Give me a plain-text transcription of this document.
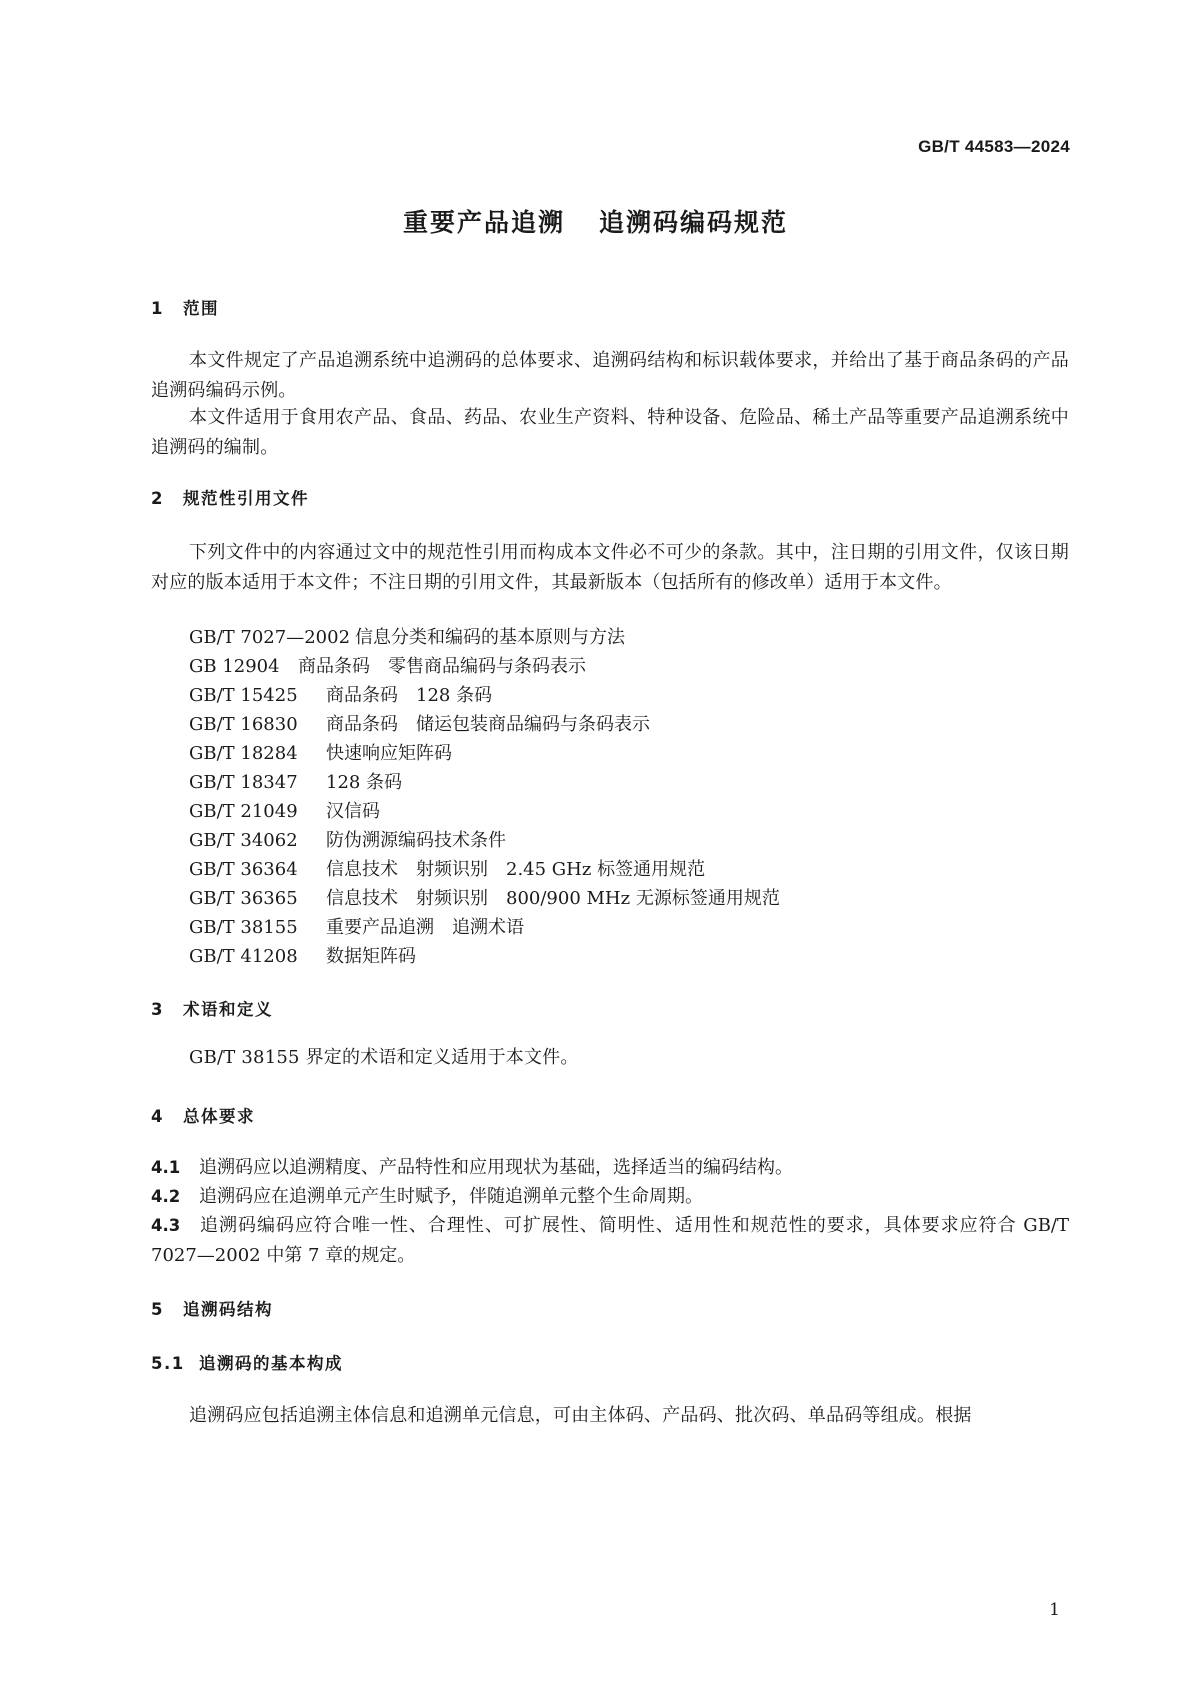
GB/T 44583—2024
重要产品追溯 追溯码编码规范
1 范围
本文件规定了产品追溯系统中追溯码的总体要求、追溯码结构和标识载体要求，并给出了基于商品条码的产品追溯码编码示例。
本文件适用于食用农产品、食品、药品、农业生产资料、特种设备、危险品、稀土产品等重要产品追溯系统中追溯码的编制。
2 规范性引用文件
下列文件中的内容通过文中的规范性引用而构成本文件必不可少的条款。其中，注日期的引用文件，仅该日期对应的版本适用于本文件；不注日期的引用文件，其最新版本（包括所有的修改单）适用于本文件。
GB/T 7027—2002 信息分类和编码的基本原则与方法
GB 12904 商品条码　零售商品编码与条码表示
GB/T 15425 商品条码　128 条码
GB/T 16830 商品条码　储运包装商品编码与条码表示
GB/T 18284 快速响应矩阵码
GB/T 18347 128 条码
GB/T 21049 汉信码
GB/T 34062 防伪溯源编码技术条件
GB/T 36364 信息技术　射频识别　2.45 GHz 标签通用规范
GB/T 36365 信息技术　射频识别　800/900 MHz 无源标签通用规范
GB/T 38155 重要产品追溯　追溯术语
GB/T 41208 数据矩阵码
3 术语和定义
GB/T 38155 界定的术语和定义适用于本文件。
4 总体要求
4.1 追溯码应以追溯精度、产品特性和应用现状为基础，选择适当的编码结构。
4.2 追溯码应在追溯单元产生时赋予，伴随追溯单元整个生命周期。
4.3 追溯码编码应符合唯一性、合理性、可扩展性、简明性、适用性和规范性的要求，具体要求应符合 GB/T 7027—2002 中第 7 章的规定。
5 追溯码结构
5.1 追溯码的基本构成
追溯码应包括追溯主体信息和追溯单元信息，可由主体码、产品码、批次码、单品码等组成。根据
1
